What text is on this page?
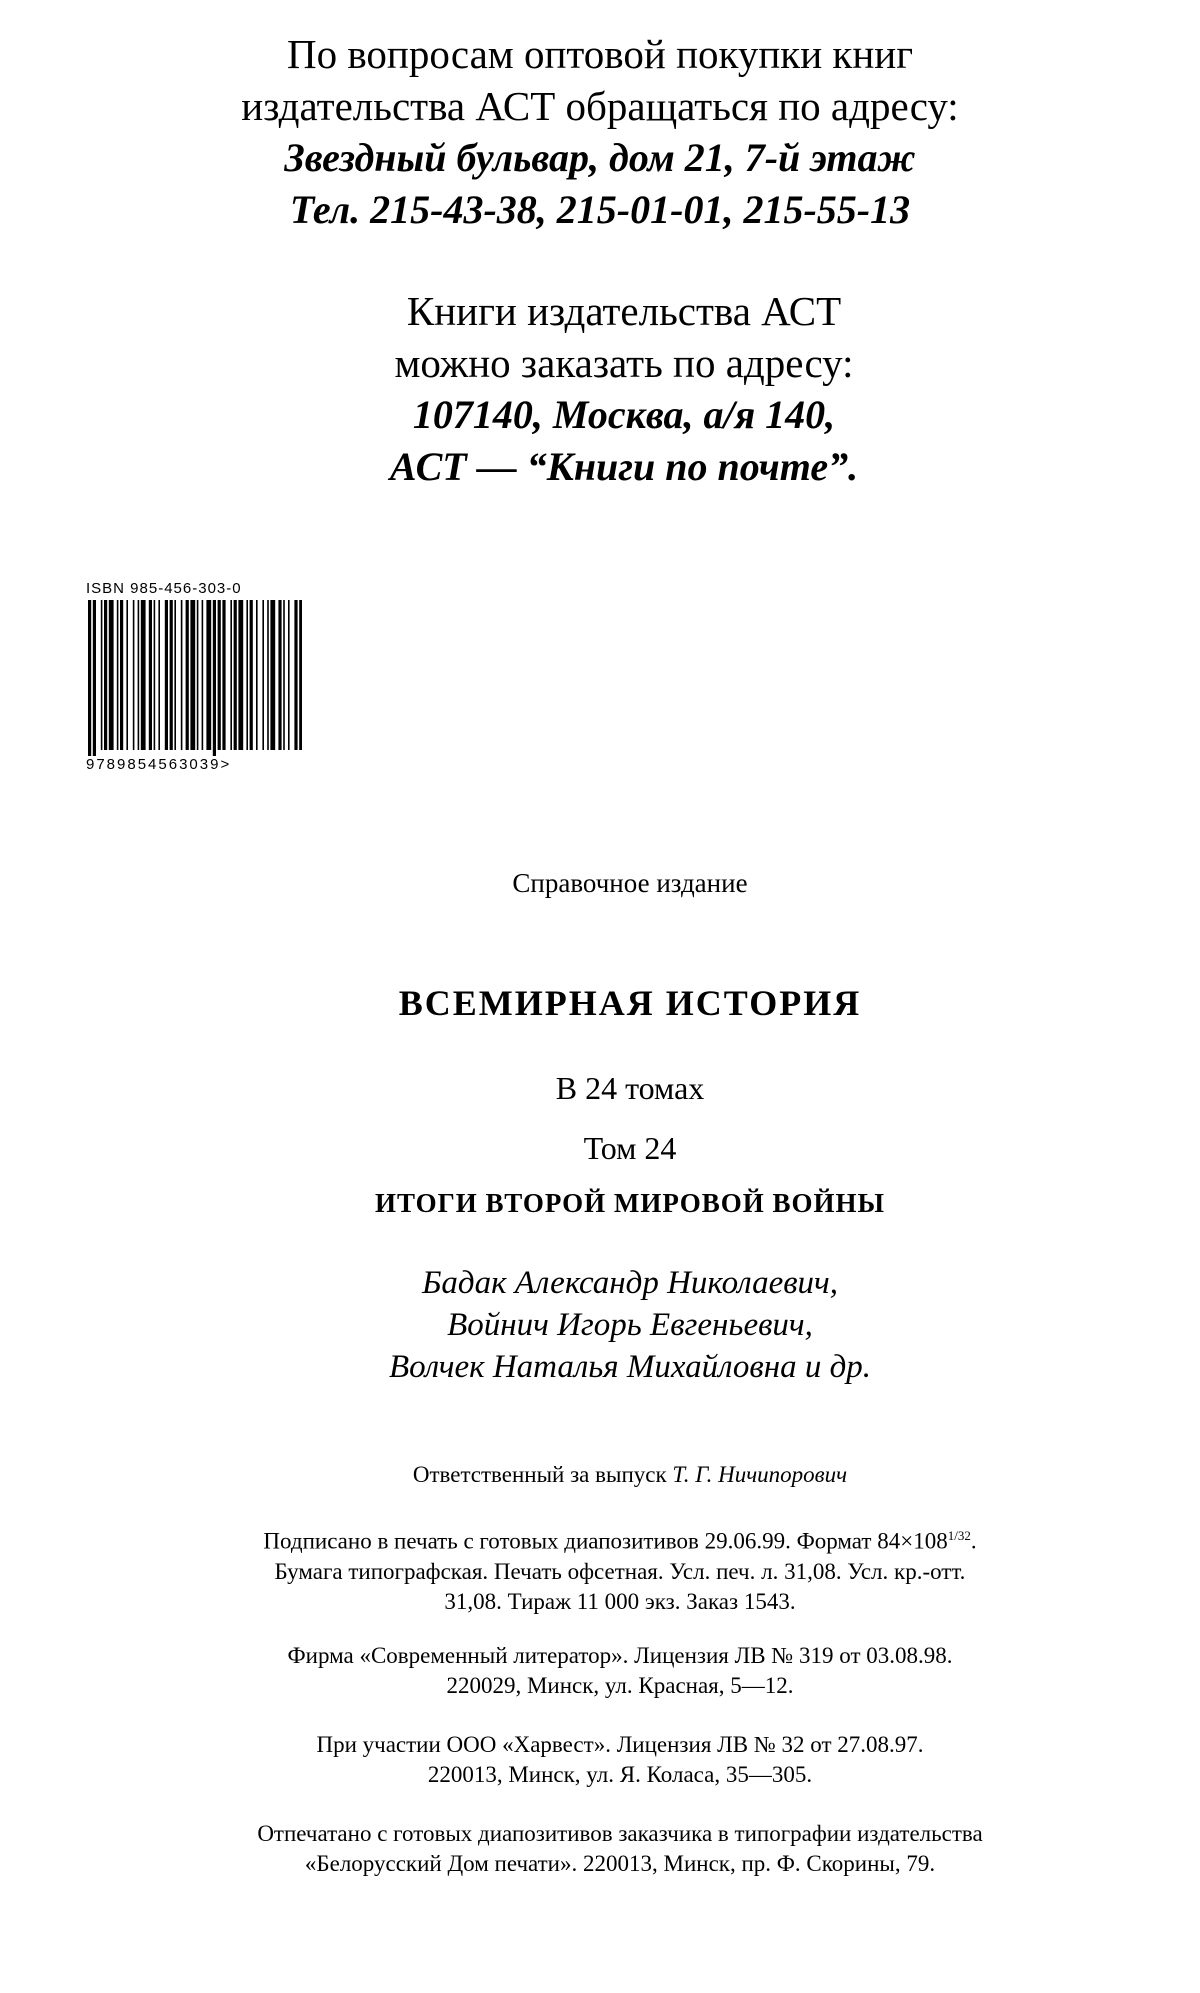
По вопросам оптовой покупки книг
издательства АСТ обращаться по адресу:
Звездный бульвар, дом 21, 7-й этаж
Тел. 215-43-38, 215-01-01, 215-55-13
Книги издательства АСТ
можно заказать по адресу:
107140, Москва, а/я 140,
АСТ — “Книги по почте”.
ISBN 985-456-303-0
9789854563039>
Справочное издание
ВСЕМИРНАЯ ИСТОРИЯ
В 24 томах
Том 24
ИТОГИ ВТОРОЙ МИРОВОЙ ВОЙНЫ
Бадак Александр Николаевич,
Войнич Игорь Евгеньевич,
Волчек Наталья Михайловна и др.
Ответственный за выпуск Т. Г. Ничипорович
Подписано в печать с готовых диапозитивов 29.06.99. Формат $84\times 108^{1/32}$.
Бумага типографская. Печать офсетная. Усл. печ. л. 31,08. Усл. кр.-отт.
31,08. Тираж 11 000 экз. Заказ 1543.
Фирма «Современный литератор». Лицензия ЛВ № 319 от 03.08.98.
220029, Минск, ул. Красная, 5—12.
При участии ООО «Харвест». Лицензия ЛВ № 32 от 27.08.97.
220013, Минск, ул. Я. Коласа, 35—305.
Отпечатано с готовых диапозитивов заказчика в типографии издательства
«Белорусский Дом печати». 220013, Минск, пр. Ф. Скорины, 79.
